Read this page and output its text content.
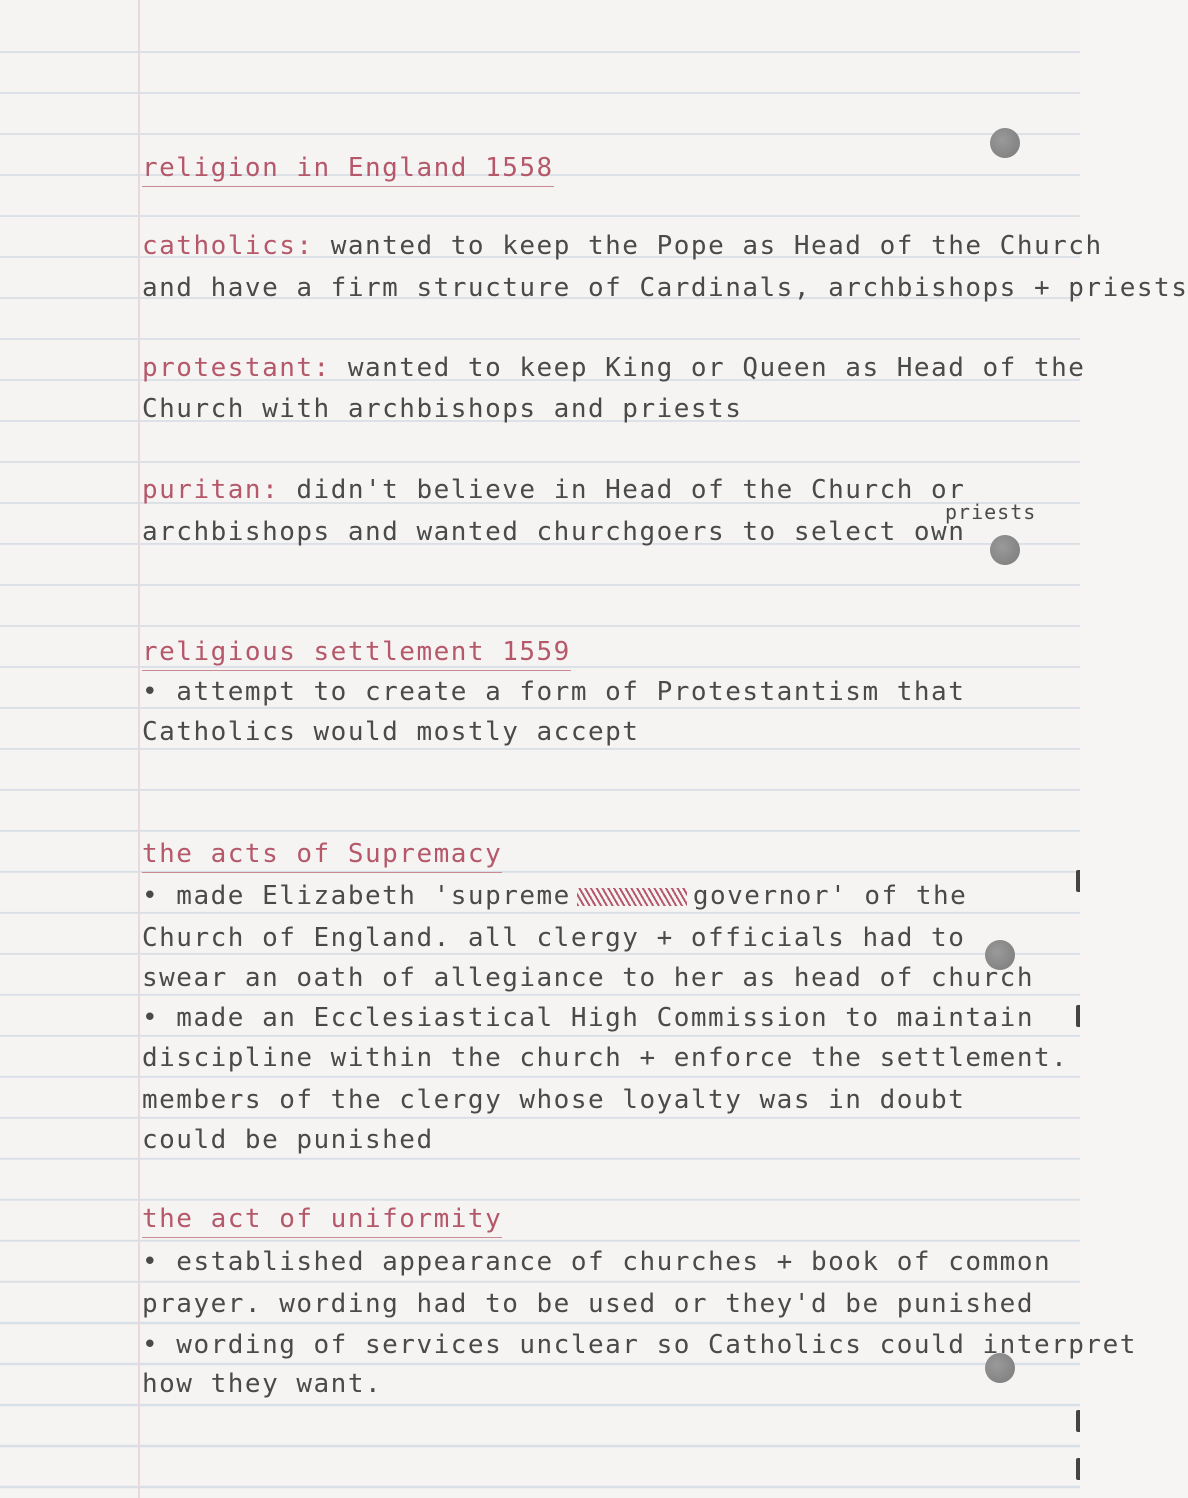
religion in England 1558
catholics: wanted to keep the Pope as Head of the Church
and have a firm structure of Cardinals, archbishops + priests
protestant: wanted to keep King or Queen as Head of the
Church with archbishops and priests
puritan: didn't believe in Head of the Church or
archbishops and wanted churchgoers to select own
priests
religious settlement 1559
• attempt to create a form of Protestantism that
Catholics would mostly accept
the acts of Supremacy
• made Elizabeth 'supreme	governor' of the
Church of England. all clergy + officials had to
swear an oath of allegiance to her as head of church
• made an Ecclesiastical High Commission to maintain
discipline within the church + enforce the settlement.
members of the clergy whose loyalty was in doubt
could be punished
the act of uniformity
• established appearance of churches + book of common
prayer. wording had to be used or they'd be punished
• wording of services unclear so Catholics could interpret
how they want.
